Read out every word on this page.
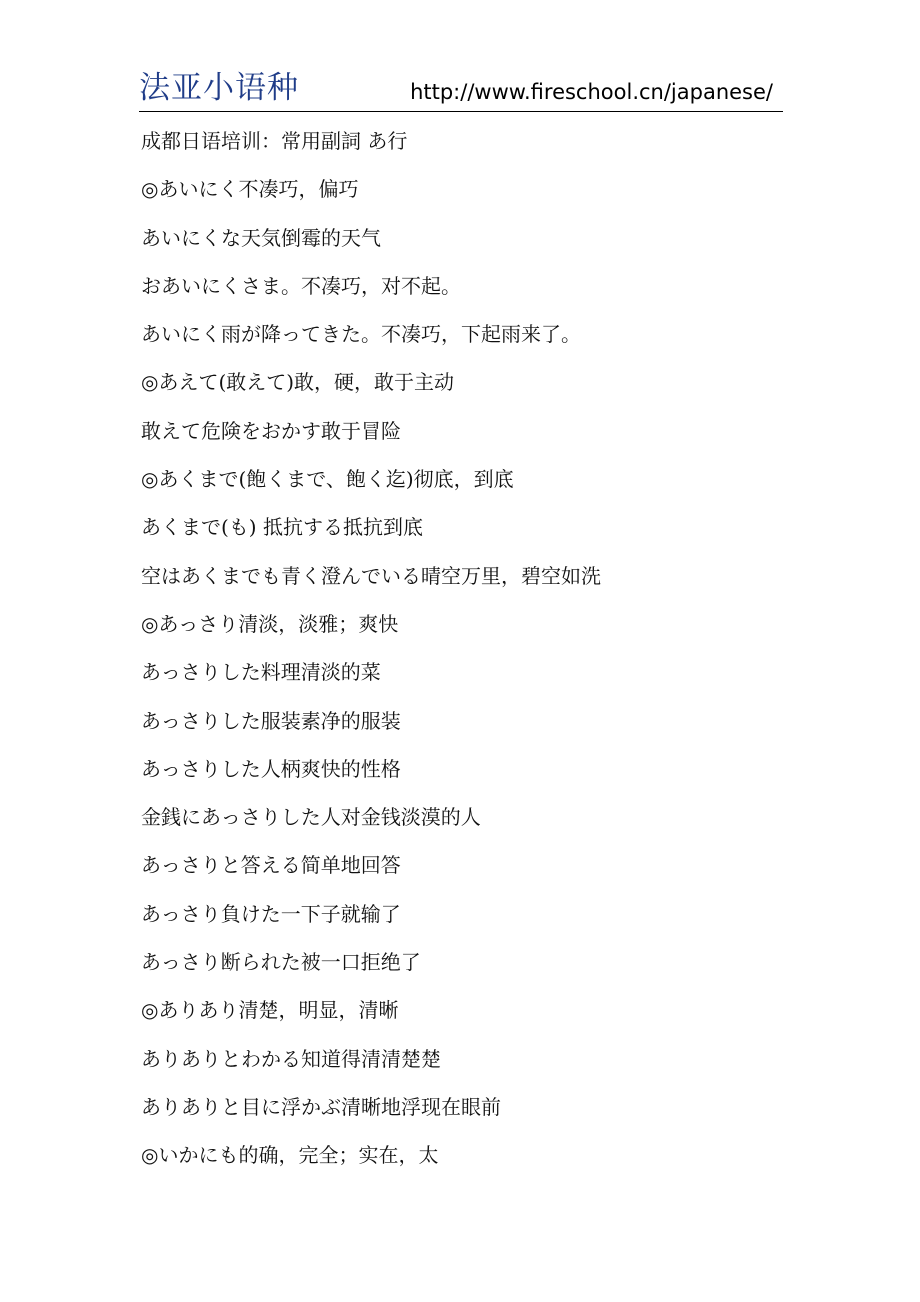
法亚小语种	http://www.fireschool.cn/japanese/
成都日语培训：常用副詞 あ行
◎あいにく不凑巧，偏巧
あいにくな天気倒霉的天气
おあいにくさま。不凑巧，对不起。
あいにく雨が降ってきた。不凑巧，下起雨来了。
◎あえて(敢えて)敢，硬，敢于主动
敢えて危険をおかす敢于冒险
◎あくまで(飽くまで、飽く迄)彻底，到底
あくまで(も) 抵抗する抵抗到底
空はあくまでも青く澄んでいる晴空万里，碧空如洗
◎あっさり清淡，淡雅；爽快
あっさりした料理清淡的菜
あっさりした服装素净的服装
あっさりした人柄爽快的性格
金銭にあっさりした人对金钱淡漠的人
あっさりと答える简单地回答
あっさり負けた一下子就输了
あっさり断られた被一口拒绝了
◎ありあり清楚，明显，清晰
ありありとわかる知道得清清楚楚
ありありと目に浮かぶ清晰地浮现在眼前
◎いかにも的确，完全；实在，太
